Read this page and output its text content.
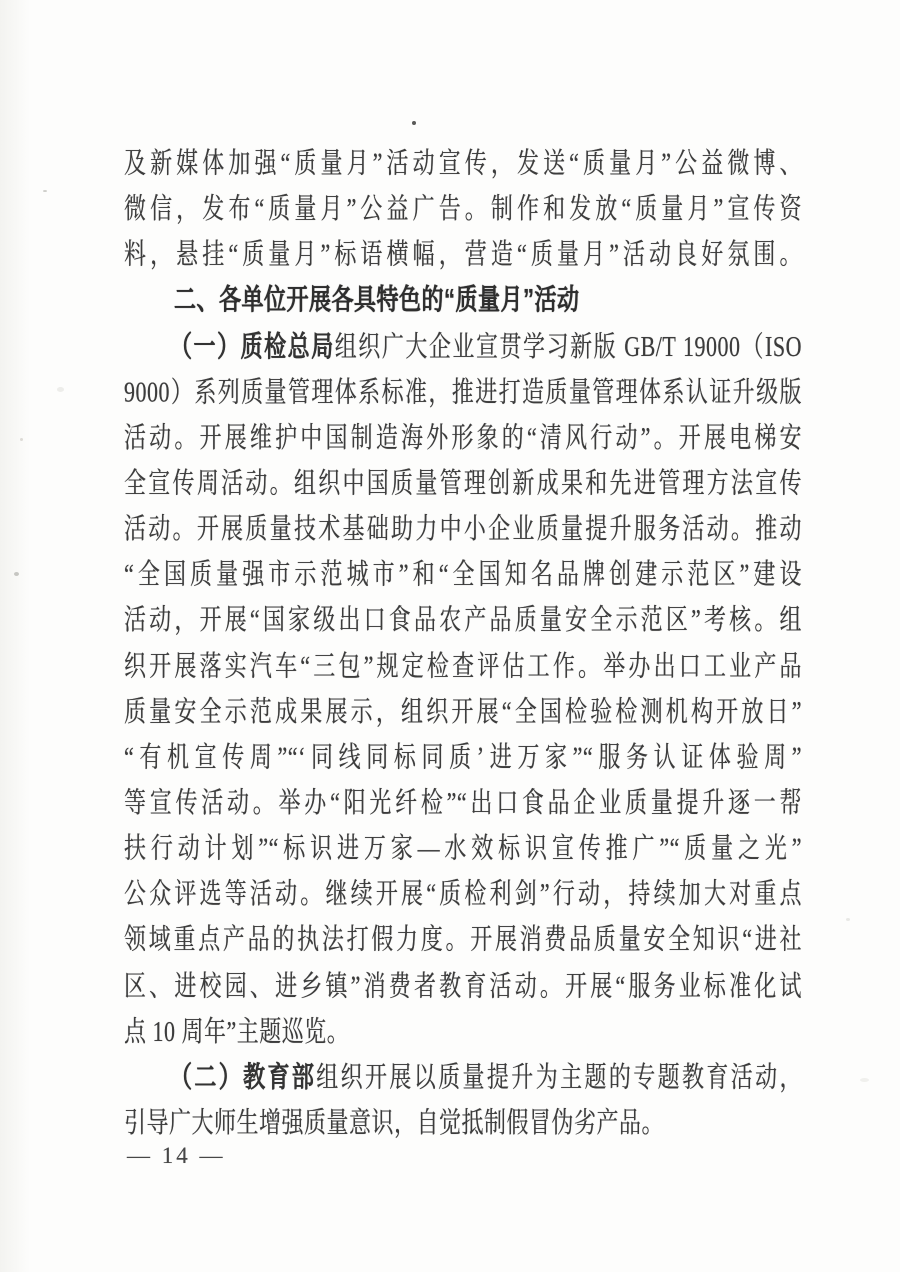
及新媒体加强“质量月”活动宣传，发送“质量月”公益微博、
微信，发布“质量月”公益广告。制作和发放“质量月”宣传资
料，悬挂“质量月”标语横幅，营造“质量月”活动良好氛围。
二、各单位开展各具特色的“质量月”活动
（一）质检总局组织广大企业宣贯学习新版 GB/T 19000（ISO
9000）系列质量管理体系标准，推进打造质量管理体系认证升级版
活动。开展维护中国制造海外形象的“清风行动”。开展电梯安
全宣传周活动。组织中国质量管理创新成果和先进管理方法宣传
活动。开展质量技术基础助力中小企业质量提升服务活动。推动
“全国质量强市示范城市”和“全国知名品牌创建示范区”建设
活动，开展“国家级出口食品农产品质量安全示范区”考核。组
织开展落实汽车“三包”规定检查评估工作。举办出口工业产品
质量安全示范成果展示，组织开展“全国检验检测机构开放日”
“有机宣传周”“‘同线同标同质’进万家”“服务认证体验周”
等宣传活动。举办“阳光纤检”“出口食品企业质量提升逐一帮
扶行动计划”“标识进万家—水效标识宣传推广”“质量之光”
公众评选等活动。继续开展“质检利剑”行动，持续加大对重点
领域重点产品的执法打假力度。开展消费品质量安全知识“进社
区、进校园、进乡镇”消费者教育活动。开展“服务业标准化试
点 10 周年”主题巡览。
（二）教育部组织开展以质量提升为主题的专题教育活动，
引导广大师生增强质量意识，自觉抵制假冒伪劣产品。
— 14 —
